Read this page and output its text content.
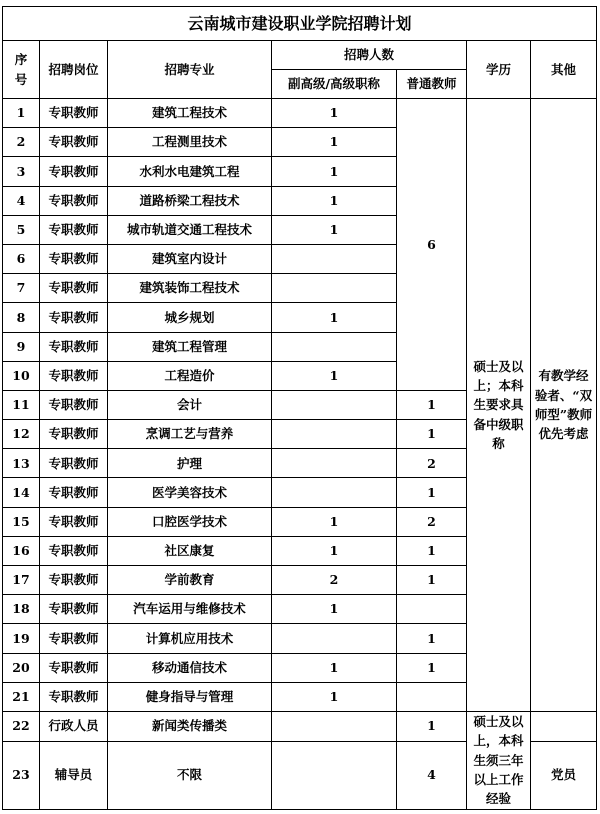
云南城市建设职业学院招聘计划						
序号	招聘岗位	招聘专业	招聘人数		学历	其他
			副高级/高级职称	普通教师		
1	专职教师	建筑工程技术	1	6	硕士及以上；本科生要求具备中级职称	有教学经验者、“双师型”教师优先考虑
2	专职教师	工程测里技术	1			
3	专职教师	水利水电建筑工程	1			
4	专职教师	道路桥梁工程技术	1			
5	专职教师	城市轨道交通工程技术	1			
6	专职教师	建筑室内设计				
7	专职教师	建筑装饰工程技术				
8	专职教师	城乡规划	1			
9	专职教师	建筑工程管理				
10	专职教师	工程造价	1			
11	专职教师	会计		1		
12	专职教师	烹调工艺与营养		1		
13	专职教师	护理		2		
14	专职教师	医学美容技术		1		
15	专职教师	口腔医学技术	1	2		
16	专职教师	社区康复	1	1		
17	专职教师	学前教育	2	1		
18	专职教师	汽车运用与维修技术	1			
19	专职教师	计算机应用技术		1		
20	专职教师	移动通信技术	1	1		
21	专职教师	健身指导与管理	1			
22	行政人员	新闻类传播类		1	硕士及以上，本科生须三年以上工作经验	
23	辅导员	不限		4		党员
